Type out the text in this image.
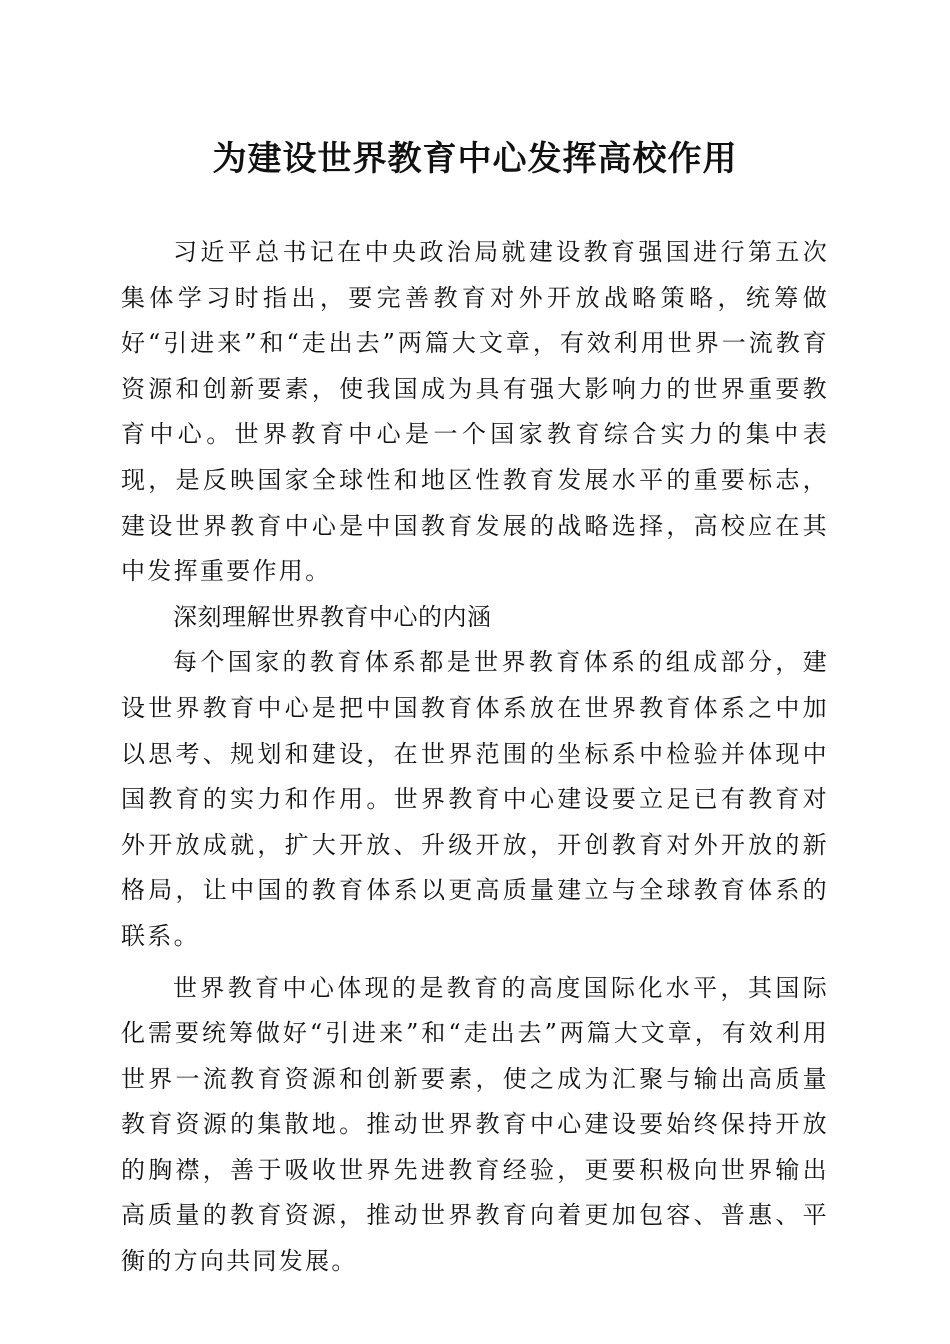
为建设世界教育中心发挥高校作用

习近平总书记在中央政治局就建设教育强国进行第五次集体学习时指出，要完善教育对外开放战略策略，统筹做好“引进来”和“走出去”两篇大文章，有效利用世界一流教育资源和创新要素，使我国成为具有强大影响力的世界重要教育中心。世界教育中心是一个国家教育综合实力的集中表现，是反映国家全球性和地区性教育发展水平的重要标志，建设世界教育中心是中国教育发展的战略选择，高校应在其中发挥重要作用。

深刻理解世界教育中心的内涵

每个国家的教育体系都是世界教育体系的组成部分，建设世界教育中心是把中国教育体系放在世界教育体系之中加以思考、规划和建设，在世界范围的坐标系中检验并体现中国教育的实力和作用。世界教育中心建设要立足已有教育对外开放成就，扩大开放、升级开放，开创教育对外开放的新格局，让中国的教育体系以更高质量建立与全球教育体系的联系。

世界教育中心体现的是教育的高度国际化水平，其国际化需要统筹做好“引进来”和“走出去”两篇大文章，有效利用世界一流教育资源和创新要素，使之成为汇聚与输出高质量教育资源的集散地。推动世界教育中心建设要始终保持开放的胸襟，善于吸收世界先进教育经验，更要积极向世界输出高质量的教育资源，推动世界教育向着更加包容、普惠、平衡的方向共同发展。
